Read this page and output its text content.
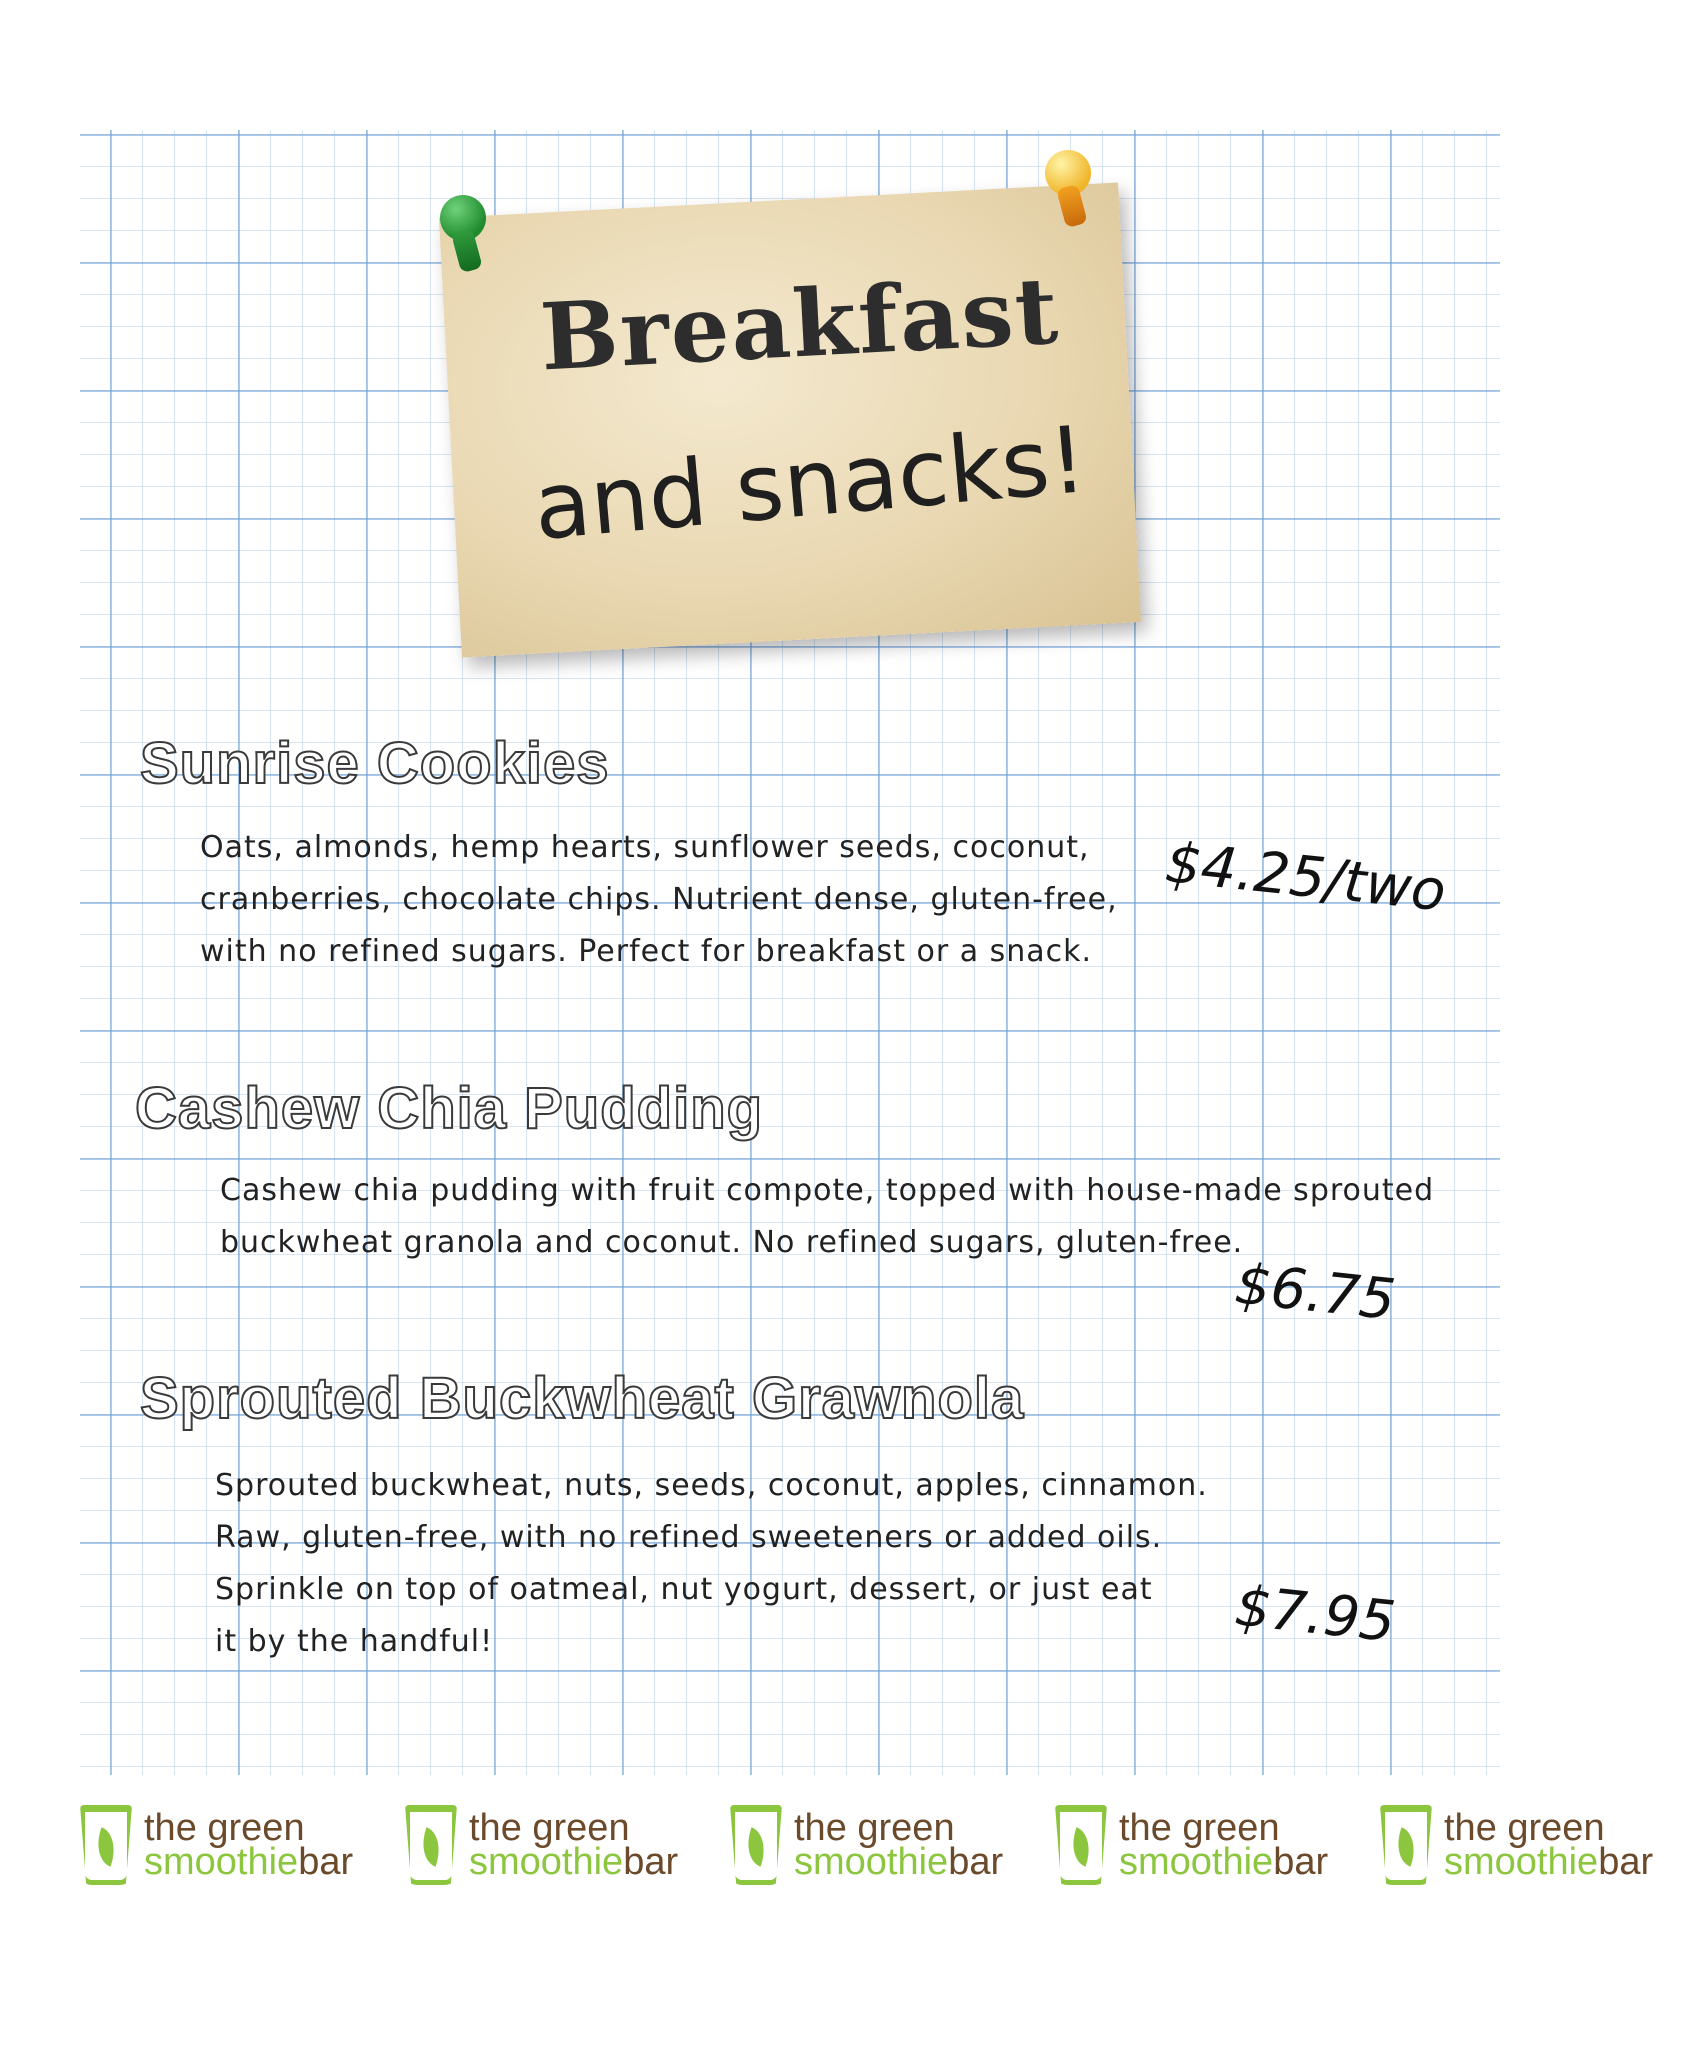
Breakfast
and snacks!
Sunrise Cookies
Oats, almonds, hemp hearts, sunflower seeds, coconut,
cranberries, chocolate chips. Nutrient dense, gluten-free,
with no refined sugars. Perfect for breakfast or a snack.
$4.25/two
Cashew Chia Pudding
Cashew chia pudding with fruit compote, topped with house-made sprouted
buckwheat granola and coconut. No refined sugars, gluten-free.
$6.75
Sprouted Buckwheat Grawnola
Sprouted buckwheat, nuts, seeds, coconut, apples, cinnamon.
Raw, gluten-free, with no refined sweeteners or added oils.
Sprinkle on top of oatmeal, nut yogurt, dessert, or just eat
it by the handful!	$7.95
the green
smoothiebar
the green
smoothiebar
the green
smoothiebar
the green
smoothiebar
the green
smoothiebar
